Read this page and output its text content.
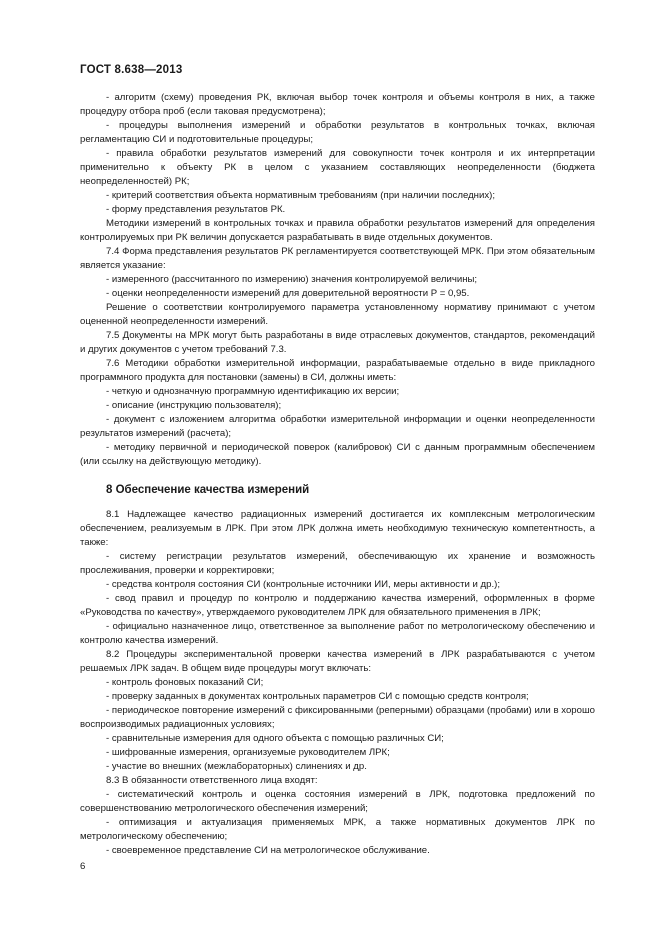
ГОСТ 8.638—2013

- алгоритм (схему) проведения РК, включая выбор точек контроля и объемы контроля в них, а также процедуру отбора проб (если таковая предусмотрена);

- процедуры выполнения измерений и обработки результатов в контрольных точках, включая регламентацию СИ и подготовительные процедуры;

- правила обработки результатов измерений для совокупности точек контроля и их интерпретации применительно к объекту РК в целом с указанием составляющих неопределенности (бюджета неопределенностей) РК;

- критерий соответствия объекта нормативным требованиям (при наличии последних);

- форму представления результатов РК.

Методики измерений в контрольных точках и правила обработки результатов измерений для определения контролируемых при РК величин допускается разрабатывать в виде отдельных документов.

7.4 Форма представления результатов РК регламентируется соответствующей МРК. При этом обязательным является указание:

- измеренного (рассчитанного по измерению) значения контролируемой величины;

- оценки неопределенности измерений для доверительной вероятности P = 0,95.

Решение о соответствии контролируемого параметра установленному нормативу принимают с учетом оцененной неопределенности измерений.

7.5 Документы на МРК могут быть разработаны в виде отраслевых документов, стандартов, рекомендаций и других документов с учетом требований 7.3.

7.6 Методики обработки измерительной информации, разрабатываемые отдельно в виде прикладного программного продукта для постановки (замены) в СИ, должны иметь:

- четкую и однозначную программную идентификацию их версии;

- описание (инструкцию пользователя);

- документ с изложением алгоритма обработки измерительной информации и оценки неопределенности результатов измерений (расчета);

- методику первичной и периодической поверок (калибровок) СИ с данным программным обеспечением (или ссылку на действующую методику).

8 Обеспечение качества измерений

8.1 Надлежащее качество радиационных измерений достигается их комплексным метрологическим обеспечением, реализуемым в ЛРК. При этом ЛРК должна иметь необходимую техническую компетентность, а также:

- систему регистрации результатов измерений, обеспечивающую их хранение и возможность прослеживания, проверки и корректировки;

- средства контроля состояния СИ (контрольные источники ИИ, меры активности и др.);

- свод правил и процедур по контролю и поддержанию качества измерений, оформленных в форме «Руководства по качеству», утверждаемого руководителем ЛРК для обязательного применения в ЛРК;

- официально назначенное лицо, ответственное за выполнение работ по метрологическому обеспечению и контролю качества измерений.

8.2 Процедуры экспериментальной проверки качества измерений в ЛРК разрабатываются с учетом решаемых ЛРК задач. В общем виде процедуры могут включать:

- контроль фоновых показаний СИ;

- проверку заданных в документах контрольных параметров СИ с помощью средств контроля;

- периодическое повторение измерений с фиксированными (реперными) образцами (пробами) или в хорошо воспроизводимых радиационных условиях;

- сравнительные измерения для одного объекта с помощью различных СИ;

- шифрованные измерения, организуемые руководителем ЛРК;

- участие во внешних (межлабораторных) слинениях и др.

8.3 В обязанности ответственного лица входят:

- систематический контроль и оценка состояния измерений в ЛРК, подготовка предложений по совершенствованию метрологического обеспечения измерений;

- оптимизация и актуализация применяемых МРК, а также нормативных документов ЛРК по метрологическому обеспечению;

- своевременное представление СИ на метрологическое обслуживание.

6
